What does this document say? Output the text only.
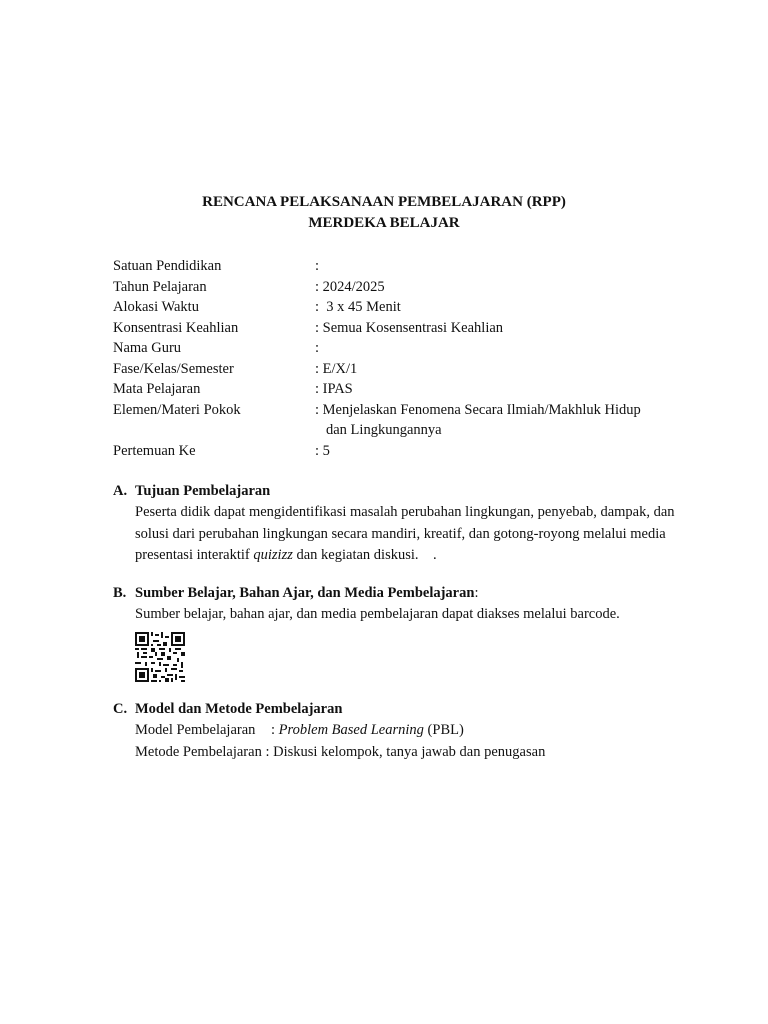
RENCANA PELAKSANAAN PEMBELAJARAN (RPP)
MERDEKA BELAJAR
Satuan Pendidikan	:
Tahun Pelajaran	: 2024/2025
Alokasi Waktu	:  3 x 45 Menit
Konsentrasi Keahlian	: Semua Kosensentrasi Keahlian
Nama Guru	:
Fase/Kelas/Semester	: E/X/1
Mata Pelajaran	: IPAS
Elemen/Materi Pokok	: Menjelaskan Fenomena Secara Ilmiah/Makhluk Hidup
dan Lingkungannya
Pertemuan Ke	: 5
A. Tujuan Pembelajaran
Peserta didik dapat mengidentifikasi masalah perubahan lingkungan, penyebab, dampak, dan solusi dari perubahan lingkungan secara mandiri, kreatif, dan gotong-royong melalui media presentasi interaktif quizizz dan kegiatan diskusi.    .
B. Sumber Belajar, Bahan Ajar, dan Media Pembelajaran :
Sumber belajar, bahan ajar, dan media pembelajaran dapat diakses melalui barcode.
C. Model dan Metode Pembelajaran
Model Pembelajaran	: Problem Based Learning (PBL)
Metode Pembelajaran : Diskusi kelompok, tanya jawab dan penugasan
